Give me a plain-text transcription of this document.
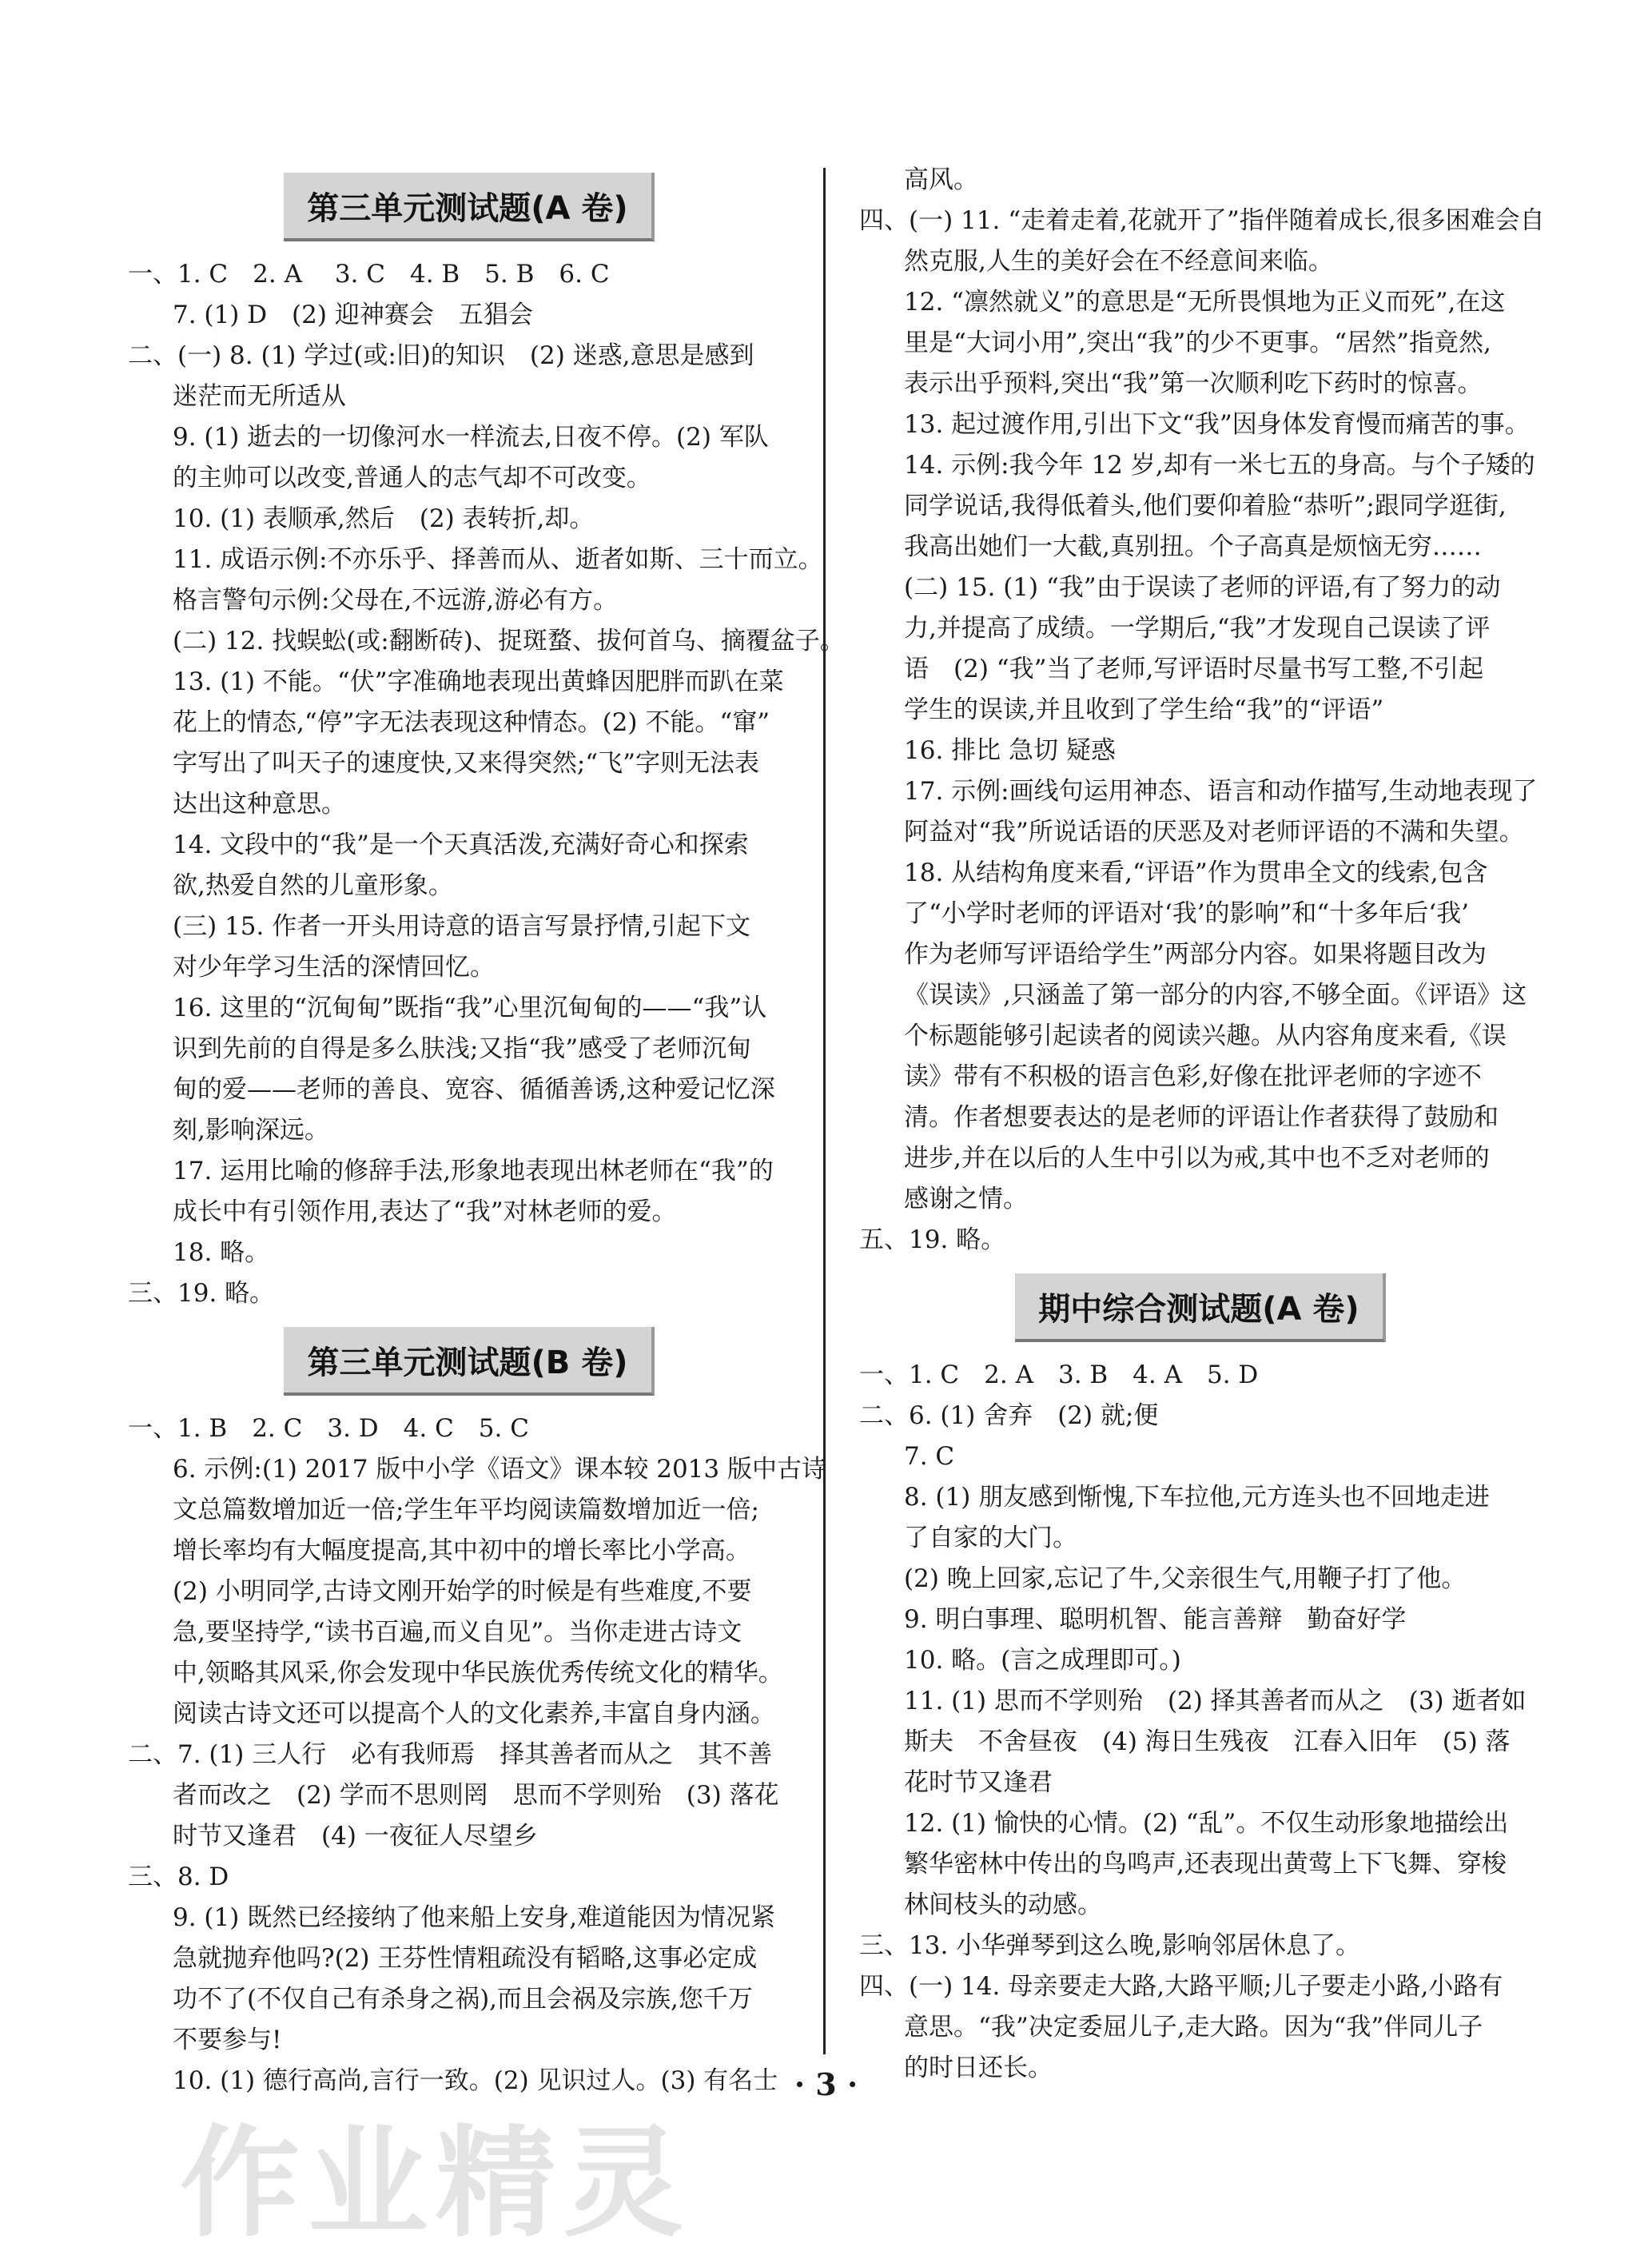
第三单元测试题(A 卷)
一、1. C　2. A　 3. C　4. B　5. B　6. C
7. (1) D　(2) 迎神赛会　五猖会
二、(一) 8. (1) 学过(或:旧)的知识　(2) 迷惑,意思是感到
迷茫而无所适从
9. (1) 逝去的一切像河水一样流去,日夜不停。(2) 军队
的主帅可以改变,普通人的志气却不可改变。
10. (1) 表顺承,然后　(2) 表转折,却。
11. 成语示例:不亦乐乎、择善而从、逝者如斯、三十而立。
格言警句示例:父母在,不远游,游必有方。
(二) 12. 找蜈蚣(或:翻断砖)、捉斑蝥、拔何首乌、摘覆盆子。
13. (1) 不能。“伏”字准确地表现出黄蜂因肥胖而趴在菜
花上的情态,“停”字无法表现这种情态。(2) 不能。“窜”
字写出了叫天子的速度快,又来得突然;“飞”字则无法表
达出这种意思。
14. 文段中的“我”是一个天真活泼,充满好奇心和探索
欲,热爱自然的儿童形象。
(三) 15. 作者一开头用诗意的语言写景抒情,引起下文
对少年学习生活的深情回忆。
16. 这里的“沉甸甸”既指“我”心里沉甸甸的——“我”认
识到先前的自得是多么肤浅;又指“我”感受了老师沉甸
甸的爱——老师的善良、宽容、循循善诱,这种爱记忆深
刻,影响深远。
17. 运用比喻的修辞手法,形象地表现出林老师在“我”的
成长中有引领作用,表达了“我”对林老师的爱。
18. 略。
三、19. 略。
第三单元测试题(B 卷)
一、1. B　2. C　3. D　4. C　5. C
6. 示例:(1) 2017 版中小学《语文》课本较 2013 版中古诗
文总篇数增加近一倍;学生年平均阅读篇数增加近一倍;
增长率均有大幅度提高,其中初中的增长率比小学高。
(2) 小明同学,古诗文刚开始学的时候是有些难度,不要
急,要坚持学,“读书百遍,而义自见”。当你走进古诗文
中,领略其风采,你会发现中华民族优秀传统文化的精华。
阅读古诗文还可以提高个人的文化素养,丰富自身内涵。
二、7. (1) 三人行　必有我师焉　择其善者而从之　其不善
者而改之　(2) 学而不思则罔　思而不学则殆　(3) 落花
时节又逢君　(4) 一夜征人尽望乡
三、8. D
9. (1) 既然已经接纳了他来船上安身,难道能因为情况紧
急就抛弃他吗?(2) 王芬性情粗疏没有韬略,这事必定成
功不了(不仅自己有杀身之祸),而且会祸及宗族,您千万
不要参与!
10. (1) 德行高尚,言行一致。(2) 见识过人。(3) 有名士
高风。
四、(一) 11. “走着走着,花就开了”指伴随着成长,很多困难会自
然克服,人生的美好会在不经意间来临。
12. “凛然就义”的意思是“无所畏惧地为正义而死”,在这
里是“大词小用”,突出“我”的少不更事。“居然”指竟然,
表示出乎预料,突出“我”第一次顺利吃下药时的惊喜。
13. 起过渡作用,引出下文“我”因身体发育慢而痛苦的事。
14. 示例:我今年 12 岁,却有一米七五的身高。与个子矮的
同学说话,我得低着头,他们要仰着脸“恭听”;跟同学逛街,
我高出她们一大截,真别扭。个子高真是烦恼无穷……
(二) 15. (1) “我”由于误读了老师的评语,有了努力的动
力,并提高了成绩。一学期后,“我”才发现自己误读了评
语　(2) “我”当了老师,写评语时尽量书写工整,不引起
学生的误读,并且收到了学生给“我”的“评语”
16. 排比 急切 疑惑
17. 示例:画线句运用神态、语言和动作描写,生动地表现了
阿益对“我”所说话语的厌恶及对老师评语的不满和失望。
18. 从结构角度来看,“评语”作为贯串全文的线索,包含
了“小学时老师的评语对‘我’的影响”和“十多年后‘我’
作为老师写评语给学生”两部分内容。如果将题目改为
《误读》,只涵盖了第一部分的内容,不够全面。《评语》这
个标题能够引起读者的阅读兴趣。从内容角度来看,《误
读》带有不积极的语言色彩,好像在批评老师的字迹不
清。作者想要表达的是老师的评语让作者获得了鼓励和
进步,并在以后的人生中引以为戒,其中也不乏对老师的
感谢之情。
五、19. 略。
期中综合测试题(A 卷)
一、1. C　2. A　3. B　4. A　5. D
二、6. (1) 舍弃　(2) 就;便
7. C
8. (1) 朋友感到惭愧,下车拉他,元方连头也不回地走进
了自家的大门。
(2) 晚上回家,忘记了牛,父亲很生气,用鞭子打了他。
9. 明白事理、聪明机智、能言善辩　勤奋好学
10. 略。(言之成理即可。)
11. (1) 思而不学则殆　(2) 择其善者而从之　(3) 逝者如
斯夫　不舍昼夜　(4) 海日生残夜　江春入旧年　(5) 落
花时节又逢君
12. (1) 愉快的心情。(2) “乱”。不仅生动形象地描绘出
繁华密林中传出的鸟鸣声,还表现出黄莺上下飞舞、穿梭
林间枝头的动感。
三、13. 小华弹琴到这么晚,影响邻居休息了。
四、(一) 14. 母亲要走大路,大路平顺;儿子要走小路,小路有
意思。“我”决定委屈儿子,走大路。因为“我”伴同儿子
的时日还长。
· 3 ·
作业精灵
